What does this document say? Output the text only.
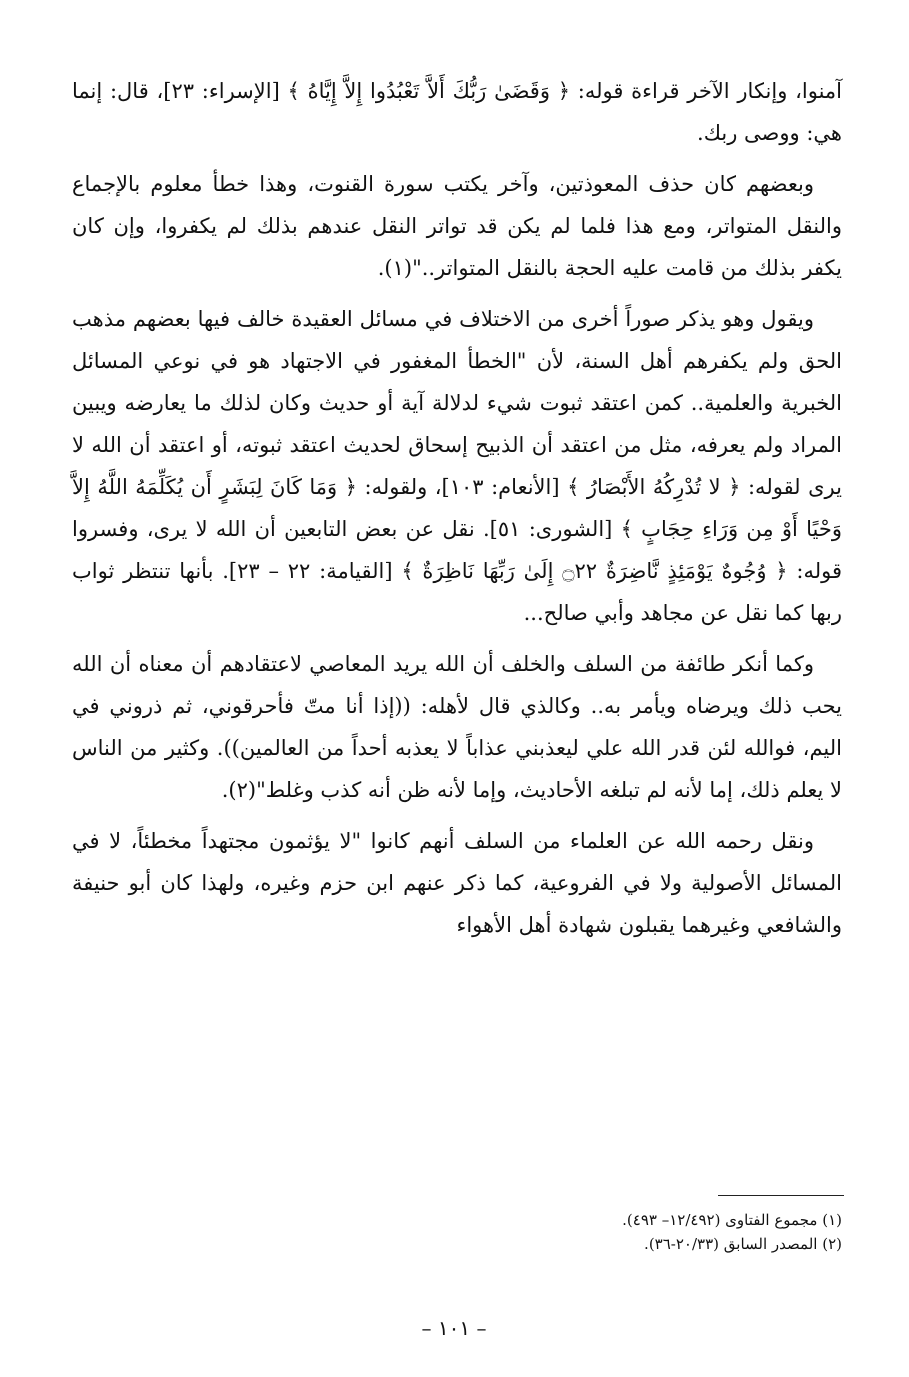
آمنوا، وإنكار الآخر قراءة قوله: ﴿ وَقَضَىٰ رَبُّكَ أَلاَّ تَعْبُدُوا إِلاَّ إِيَّاهُ ﴾ [الإسراء: ٢٣]، قال: إنما هي: ووصى ربك.

وبعضهم كان حذف المعوذتين، وآخر يكتب سورة القنوت، وهذا خطأ معلوم بالإجماع والنقل المتواتر، ومع هذا فلما لم يكن قد تواتر النقل عندهم بذلك لم يكفروا، وإن كان يكفر بذلك من قامت عليه الحجة بالنقل المتواتر.."(١).

ويقول وهو يذكر صوراً أخرى من الاختلاف في مسائل العقيدة خالف فيها بعضهم مذهب الحق ولم يكفرهم أهل السنة، لأن "الخطأ المغفور في الاجتهاد هو في نوعي المسائل الخبرية والعلمية.. كمن اعتقد ثبوت شيء لدلالة آية أو حديث وكان لذلك ما يعارضه ويبين المراد ولم يعرفه، مثل من اعتقد أن الذبيح إسحاق لحديث اعتقد ثبوته، أو اعتقد أن الله لا يرى لقوله: ﴿ لا تُدْرِكُهُ الأَبْصَارُ ﴾ [الأنعام: ١٠٣]، ولقوله: ﴿ وَمَا كَانَ لِبَشَرٍ أَن يُكَلِّمَهُ اللَّهُ إِلاَّ وَحْيًا أَوْ مِن وَرَاءِ حِجَابٍ ﴾ [الشورى: ٥١]. نقل عن بعض التابعين أن الله لا يرى، وفسروا قوله: ﴿ وُجُوهٌ يَوْمَئِذٍ نَّاضِرَةٌ ۝٢٢ إِلَىٰ رَبِّهَا نَاظِرَةٌ ﴾ [القيامة: ٢٢ – ٢٣]. بأنها تنتظر ثواب ربها كما نقل عن مجاهد وأبي صالح...

وكما أنكر طائفة من السلف والخلف أن الله يريد المعاصي لاعتقادهم أن معناه أن الله يحب ذلك ويرضاه ويأمر به.. وكالذي قال لأهله: ((إذا أنا متّ فأحرقوني، ثم ذروني في اليم، فوالله لئن قدر الله علي ليعذبني عذاباً لا يعذبه أحداً من العالمين)). وكثير من الناس لا يعلم ذلك، إما لأنه لم تبلغه الأحاديث، وإما لأنه ظن أنه كذب وغلط"(٢).

ونقل رحمه الله عن العلماء من السلف أنهم كانوا "لا يؤثمون مجتهداً مخطئاً، لا في المسائل الأصولية ولا في الفروعية، كما ذكر عنهم ابن حزم وغيره، ولهذا كان أبو حنيفة والشافعي وغيرهما يقبلون شهادة أهل الأهواء

(١) مجموع الفتاوى (١٢/٤٩٢– ٤٩٣).
(٢) المصدر السابق (٢٠/٣٣-٣٦).
– ١٠١ –
